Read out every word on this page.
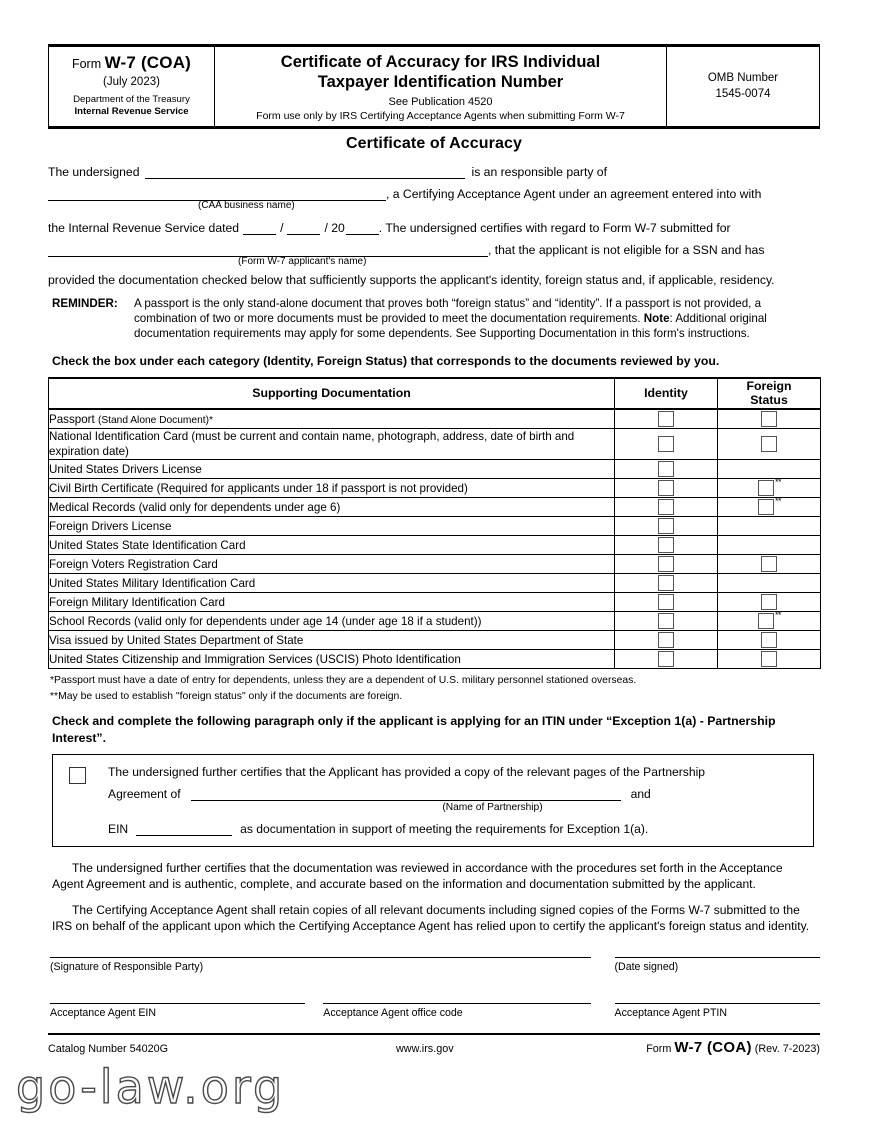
Form W-7 (COA)
(July 2023)
Department of the Treasury
Internal Revenue Service
Certificate of Accuracy for IRS Individual
Taxpayer Identification Number
See Publication 4520
Form use only by IRS Certifying Acceptance Agents when submitting Form W-7
OMB Number
1545-0074
Certificate of Accuracy
The undersigned	is an responsible party of
, a Certifying Acceptance Agent under an agreement entered into with
(CAA business name)
the Internal Revenue Service dated	/	/ 20	. The undersigned certifies with regard to Form W-7 submitted for
, that the applicant is not eligible for a SSN and has
(Form W-7 applicant's name)
provided the documentation checked below that sufficiently supports the applicant's identity, foreign status and, if applicable, residency.
REMINDER:	A passport is the only stand-alone document that proves both “foreign status” and “identity”. If a passport is not provided, a combination of two or more documents must be provided to meet the documentation requirements. Note: Additional original documentation requirements may apply for some dependents. See Supporting Documentation in this form's instructions.
Check the box under each category (Identity, Foreign Status) that corresponds to the documents reviewed by you.
Supporting Documentation	Identity	Foreign
Status
Passport (Stand Alone Document)*		
National Identification Card (must be current and contain name, photograph, address, date of birth and expiration date)		
United States Drivers License		
Civil Birth Certificate (Required for applicants under 18 if passport is not provided)		**
Medical Records (valid only for dependents under age 6)		**
Foreign Drivers License		
United States State Identification Card		
Foreign Voters Registration Card		
United States Military Identification Card		
Foreign Military Identification Card		
School Records (valid only for dependents under age 14 (under age 18 if a student))		**
Visa issued by United States Department of State		
United States Citizenship and Immigration Services (USCIS) Photo Identification		
*Passport must have a date of entry for dependents, unless they are a dependent of U.S. military personnel stationed overseas.
**May be used to establish "foreign status" only if the documents are foreign.
Check and complete the following paragraph only if the applicant is applying for an ITIN under “Exception 1(a) - Partnership Interest”.
The undersigned further certifies that the Applicant has provided a copy of the relevant pages of the Partnership
Agreement of	and
(Name of Partnership)
EIN	as documentation in support of meeting the requirements for Exception 1(a).

The undersigned further certifies that the documentation was reviewed in accordance with the procedures set forth in the Acceptance Agent Agreement and is authentic, complete, and accurate based on the information and documentation submitted by the applicant.

The Certifying Acceptance Agent shall retain copies of all relevant documents including signed copies of the Forms W-7 submitted to the IRS on behalf of the applicant upon which the Certifying Acceptance Agent has relied upon to certify the applicant's foreign status and identity.

(Signature of Responsible Party)	(Date signed)
Acceptance Agent EIN	Acceptance Agent office code	Acceptance Agent PTIN
Catalog Number 54020G	www.irs.gov	Form W-7 (COA) (Rev. 7-2023)
go-law.org
